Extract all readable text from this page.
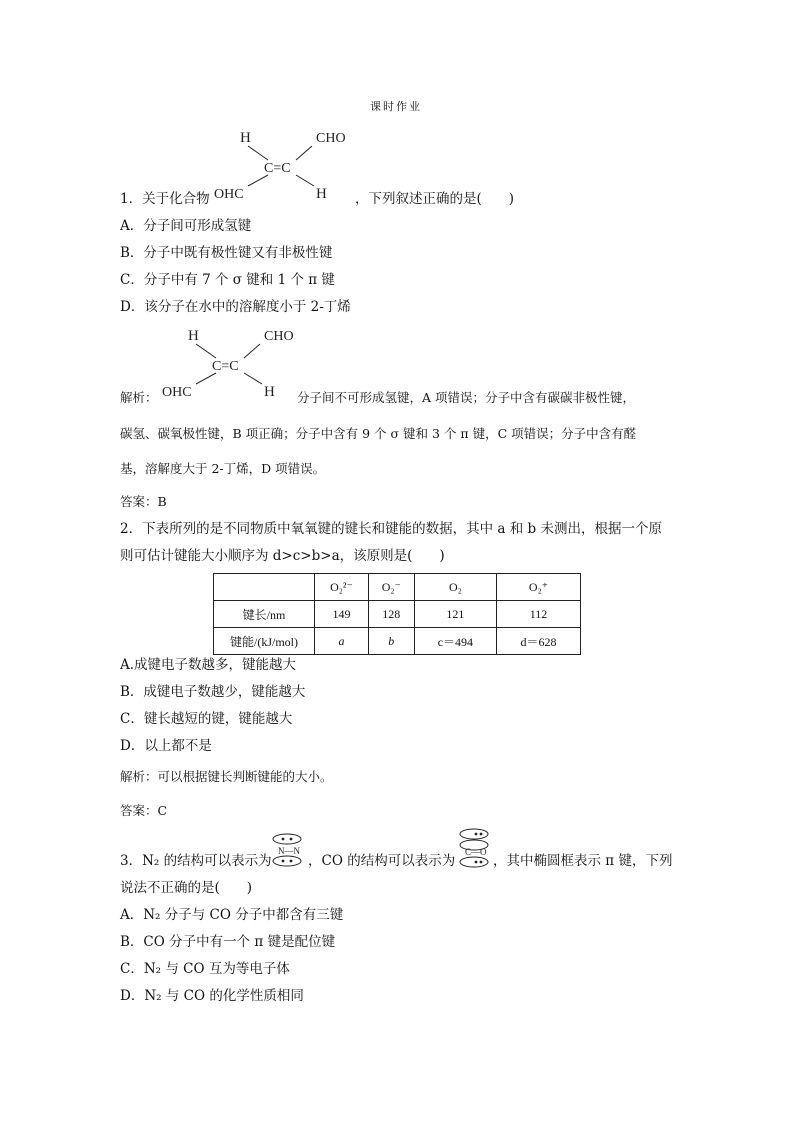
课时作业
H	CHO
C=C
OHC	H
1．关于化合物	，下列叙述正确的是(　　)
A．分子间可形成氢键
B．分子中既有极性键又有非极性键
C．分子中有 7 个 σ 键和 1 个 π 键
D．该分子在水中的溶解度小于 2-丁烯
H	CHO
C=C
OHC	H
解析：	分子间不可形成氢键，A 项错误；分子中含有碳碳非极性键，
碳氢、碳氧极性键，B 项正确；分子中含有 9 个 σ 键和 3 个 π 键，C 项错误；分子中含有醛
基，溶解度大于 2-丁烯，D 项错误。
答案：B
2．下表所列的是不同物质中氧氧键的键长和键能的数据，其中 a 和 b 未测出，根据一个原
则可估计键能大小顺序为 d>c>b>a，该原则是(　　)
	O₂²⁻	O₂⁻	O₂	O₂⁺
键长/nm	149	128	121	112
键能/(kJ/mol)	a	b	c＝494	d＝628
A.成键电子数越多，键能越大
B．成键电子数越少，键能越大
C．键长越短的键，键能越大
D．以上都不是
解析：可以根据键长判断键能的大小。
答案：C
3．N₂ 的结构可以表示为
N—N
，CO 的结构可以表示为
C—O
，其中椭圆框表示 π 键，下列
说法不正确的是(　　)
A．N₂ 分子与 CO 分子中都含有三键
B．CO 分子中有一个 π 键是配位键
C．N₂ 与 CO 互为等电子体
D．N₂ 与 CO 的化学性质相同
